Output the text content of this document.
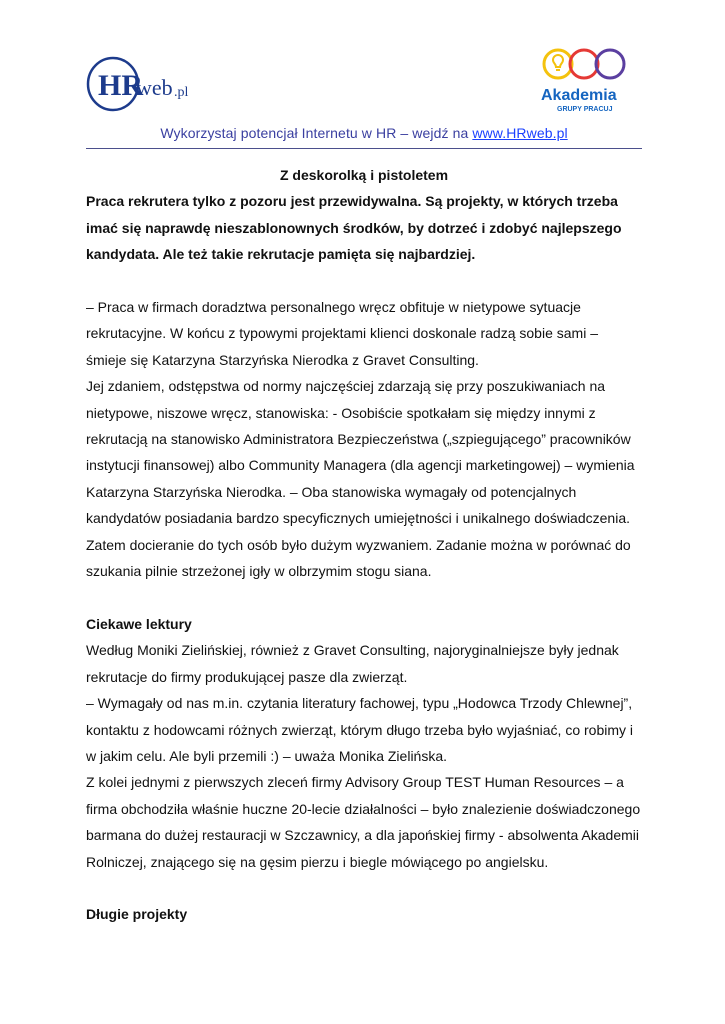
HR
web .pl	Akademia
GRUPY PRACUJ
Wykorzystaj potencjał Internetu w HR – wejdź na www.HRweb.pl

Z deskorolką i pistoletem

Praca rekrutera tylko z pozoru jest przewidywalna. Są projekty, w których trzeba imać się naprawdę nieszablonownych środków, by dotrzeć i zdobyć najlepszego kandydata. Ale też takie rekrutacje pamięta się najbardziej.

– Praca w firmach doradztwa personalnego wręcz obfituje w nietypowe sytuacje rekrutacyjne. W końcu z typowymi projektami klienci doskonale radzą sobie sami – śmieje się Katarzyna Starzyńska Nierodka z Gravet Consulting.

Jej zdaniem, odstępstwa od normy najczęściej zdarzają się przy poszukiwaniach na nietypowe, niszowe wręcz, stanowiska: - Osobiście spotkałam się między innymi z rekrutacją na stanowisko Administratora Bezpieczeństwa („szpiegującego” pracowników instytucji finansowej) albo Community Managera (dla agencji marketingowej) – wymienia Katarzyna Starzyńska Nierodka. – Oba stanowiska wymagały od potencjalnych kandydatów posiadania bardzo specyficznych umiejętności i unikalnego doświadczenia. Zatem docieranie do tych osób było dużym wyzwaniem. Zadanie można w porównać do szukania pilnie strzeżonej igły w olbrzymim stogu siana.

Ciekawe lektury

Według Moniki Zielińskiej, również z Gravet Consulting, najoryginalniejsze były jednak rekrutacje do firmy produkującej pasze dla zwierząt.

– Wymagały od nas m.in. czytania literatury fachowej, typu „Hodowca Trzody Chlewnej”, kontaktu z hodowcami różnych zwierząt, którym długo trzeba było wyjaśniać, co robimy i w jakim celu. Ale byli przemili :) – uważa Monika Zielińska.

Z kolei jednymi z pierwszych zleceń firmy Advisory Group TEST Human Resources – a firma obchodziła właśnie huczne 20-lecie działalności – było znalezienie doświadczonego barmana do dużej restauracji w Szczawnicy, a dla japońskiej firmy - absolwenta Akademii Rolniczej, znającego się na gęsim pierzu i biegle mówiącego po angielsku.

Długie projekty
